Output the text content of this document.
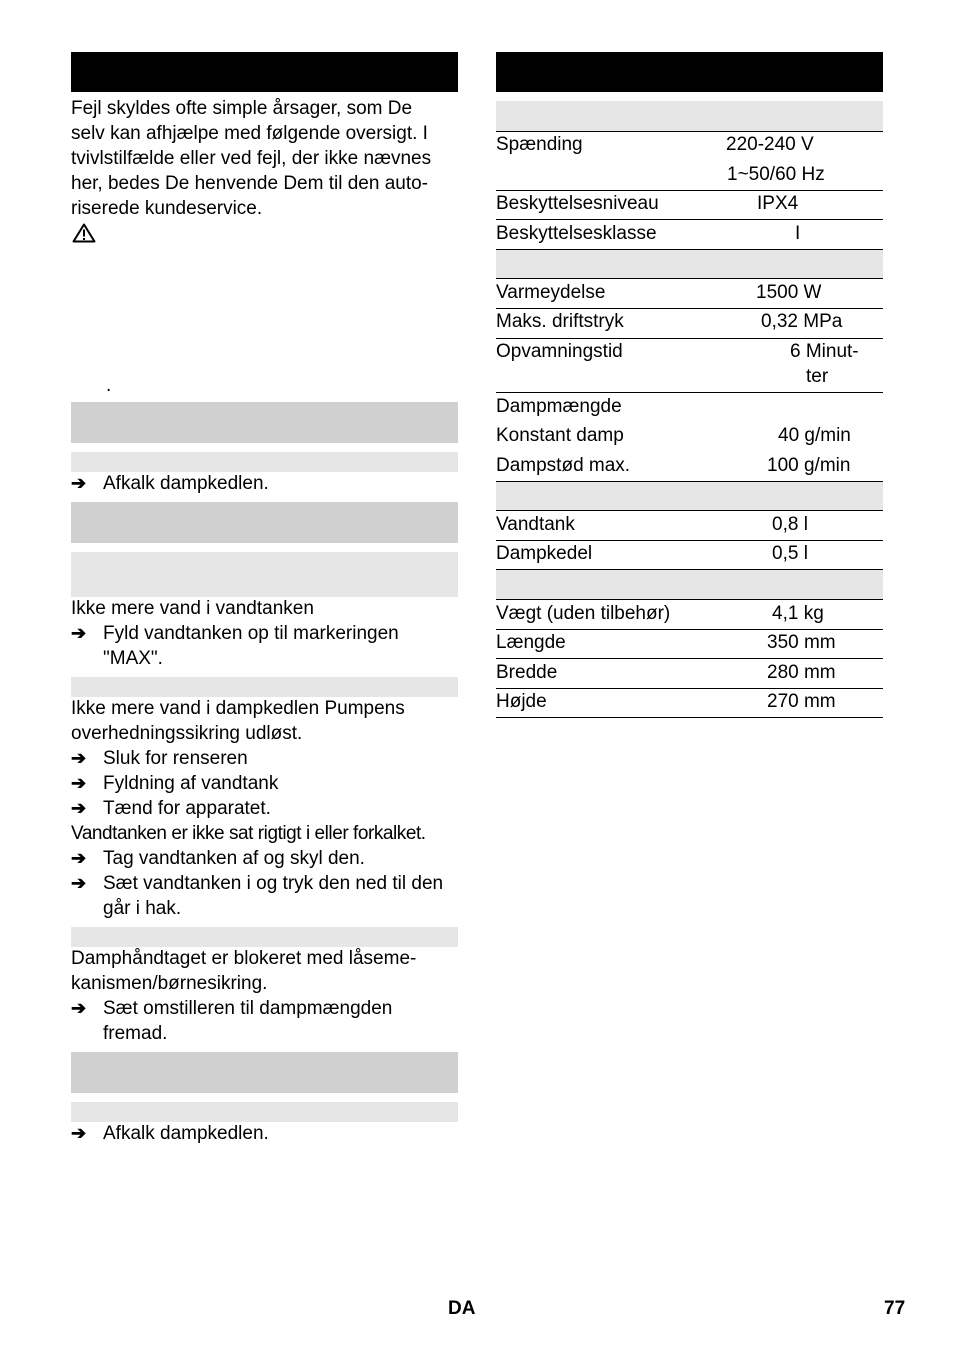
Fejl skyldes ofte simple årsager, som De
selv kan afhjælpe med følgende oversigt. I
tvivlstilfælde eller ved fejl, der ikke nævnes
her, bedes De henvende Dem til den auto-
riserede kundeservice.
.
➔ Afkalk dampkedlen.
Ikke mere vand i vandtanken
➔ Fyld vandtanken op til markeringen
"MAX".
Ikke mere vand i dampkedlen Pumpens
overhedningssikring udløst.
➔ Sluk for renseren
➔ Fyldning af vandtank
➔ Tænd for apparatet.
Vandtanken er ikke sat rigtigt i eller forkalket.
➔ Tag vandtanken af og skyl den.
➔ Sæt vandtanken i og tryk den ned til den
går i hak.
Damphåndtaget er blokeret med låseme-
kanismen/børnesikring.
➔ Sæt omstilleren til dampmængden
fremad.
➔ Afkalk dampkedlen.
Spænding	220-240 V
1~50/60 Hz
Beskyttelsesniveau	IPX4
Beskyttelsesklasse	I
Varmeydelse	1500 W
Maks. driftstryk	0,32 MPa
Opvamningstid	6 Minut-
ter
Dampmængde
Konstant damp	40 g/min
Dampstød max.	100 g/min
Vandtank	0,8 l
Dampkedel	0,5 l
Vægt (uden tilbehør)	4,1 kg
Længde	350 mm
Bredde	280 mm
Højde	270 mm
DA	77
